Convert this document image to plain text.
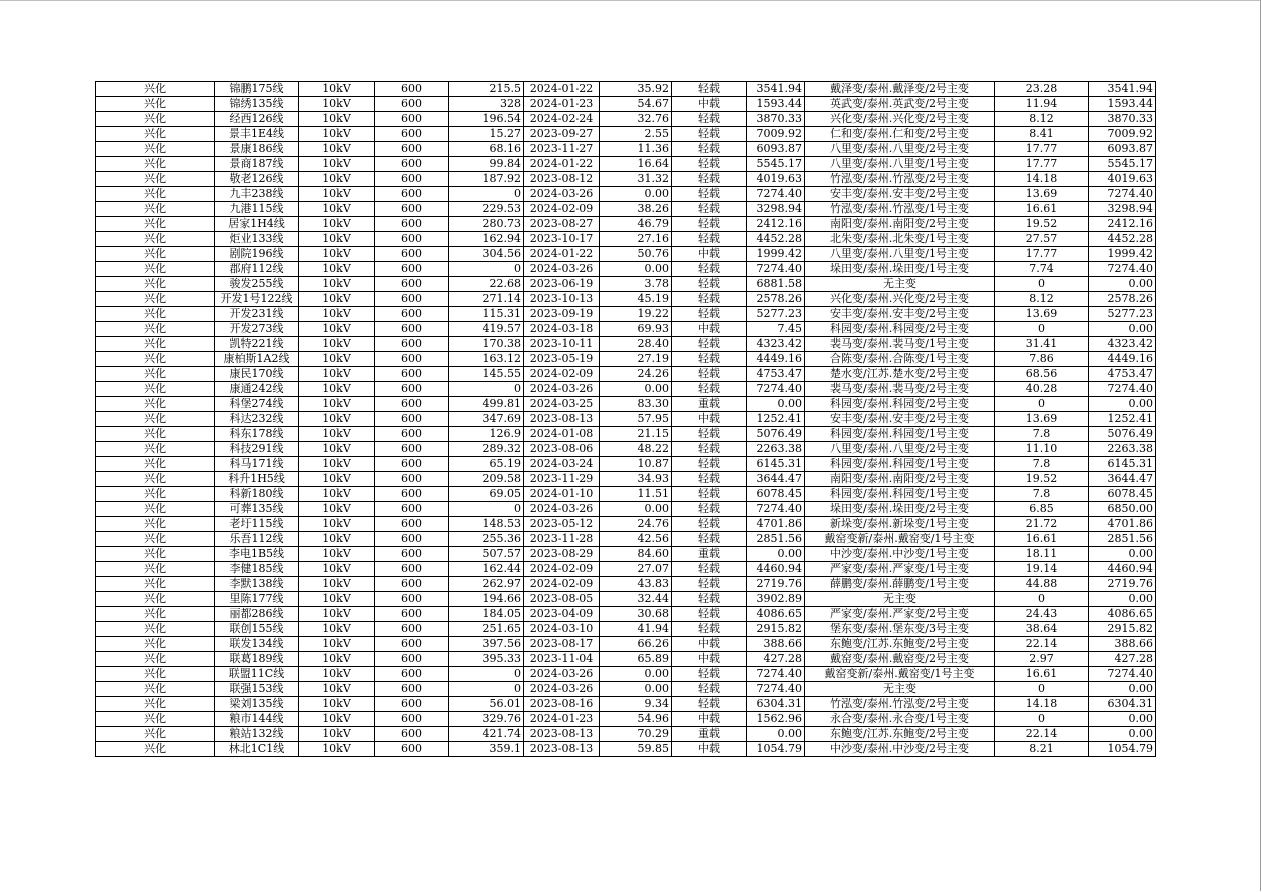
兴化	锦鹏175线	10kV	600	215.5	2024-01-22	35.92	轻载	3541.94	戴泽变/泰州.戴泽变/2号主变	23.28	3541.94
兴化	锦绣135线	10kV	600	328	2024-01-23	54.67	中载	1593.44	英武变/泰州.英武变/2号主变	11.94	1593.44
兴化	经西126线	10kV	600	196.54	2024-02-24	32.76	轻载	3870.33	兴化变/泰州.兴化变/2号主变	8.12	3870.33
兴化	景丰1E4线	10kV	600	15.27	2023-09-27	2.55	轻载	7009.92	仁和变/泰州.仁和变/2号主变	8.41	7009.92
兴化	景康186线	10kV	600	68.16	2023-11-27	11.36	轻载	6093.87	八里变/泰州.八里变/2号主变	17.77	6093.87
兴化	景商187线	10kV	600	99.84	2024-01-22	16.64	轻载	5545.17	八里变/泰州.八里变/1号主变	17.77	5545.17
兴化	敬老126线	10kV	600	187.92	2023-08-12	31.32	轻载	4019.63	竹泓变/泰州.竹泓变/2号主变	14.18	4019.63
兴化	九丰238线	10kV	600	0	2024-03-26	0.00	轻载	7274.40	安丰变/泰州.安丰变/2号主变	13.69	7274.40
兴化	九港115线	10kV	600	229.53	2024-02-09	38.26	轻载	3298.94	竹泓变/泰州.竹泓变/1号主变	16.61	3298.94
兴化	居家1H4线	10kV	600	280.73	2023-08-27	46.79	轻载	2412.16	南阳变/泰州.南阳变/2号主变	19.52	2412.16
兴化	炬业133线	10kV	600	162.94	2023-10-17	27.16	轻载	4452.28	北朱变/泰州.北朱变/1号主变	27.57	4452.28
兴化	剧院196线	10kV	600	304.56	2024-01-22	50.76	中载	1999.42	八里变/泰州.八里变/1号主变	17.77	1999.42
兴化	郡府112线	10kV	600	0	2024-03-26	0.00	轻载	7274.40	垛田变/泰州.垛田变/1号主变	7.74	7274.40
兴化	骏发255线	10kV	600	22.68	2023-06-19	3.78	轻载	6881.58	无主变	0	0.00
兴化	开发1号122线	10kV	600	271.14	2023-10-13	45.19	轻载	2578.26	兴化变/泰州.兴化变/2号主变	8.12	2578.26
兴化	开发231线	10kV	600	115.31	2023-09-19	19.22	轻载	5277.23	安丰变/泰州.安丰变/2号主变	13.69	5277.23
兴化	开发273线	10kV	600	419.57	2024-03-18	69.93	中载	7.45	科园变/泰州.科园变/2号主变	0	0.00
兴化	凯特221线	10kV	600	170.38	2023-10-11	28.40	轻载	4323.42	裴马变/泰州.裴马变/1号主变	31.41	4323.42
兴化	康柏斯1A2线	10kV	600	163.12	2023-05-19	27.19	轻载	4449.16	合陈变/泰州.合陈变/1号主变	7.86	4449.16
兴化	康民170线	10kV	600	145.55	2024-02-09	24.26	轻载	4753.47	楚水变/江苏.楚水变/2号主变	68.56	4753.47
兴化	康通242线	10kV	600	0	2024-03-26	0.00	轻载	7274.40	裴马变/泰州.裴马变/2号主变	40.28	7274.40
兴化	科堡274线	10kV	600	499.81	2024-03-25	83.30	重载	0.00	科园变/泰州.科园变/2号主变	0	0.00
兴化	科达232线	10kV	600	347.69	2023-08-13	57.95	中载	1252.41	安丰变/泰州.安丰变/2号主变	13.69	1252.41
兴化	科东178线	10kV	600	126.9	2024-01-08	21.15	轻载	5076.49	科园变/泰州.科园变/1号主变	7.8	5076.49
兴化	科技291线	10kV	600	289.32	2023-08-06	48.22	轻载	2263.38	八里变/泰州.八里变/2号主变	11.10	2263.38
兴化	科马171线	10kV	600	65.19	2024-03-24	10.87	轻载	6145.31	科园变/泰州.科园变/1号主变	7.8	6145.31
兴化	科升1H5线	10kV	600	209.58	2023-11-29	34.93	轻载	3644.47	南阳变/泰州.南阳变/2号主变	19.52	3644.47
兴化	科新180线	10kV	600	69.05	2024-01-10	11.51	轻载	6078.45	科园变/泰州.科园变/1号主变	7.8	6078.45
兴化	可葬135线	10kV	600	0	2024-03-26	0.00	轻载	7274.40	垛田变/泰州.垛田变/2号主变	6.85	6850.00
兴化	老圩115线	10kV	600	148.53	2023-05-12	24.76	轻载	4701.86	新垛变/泰州.新垛变/1号主变	21.72	4701.86
兴化	乐吾112线	10kV	600	255.36	2023-11-28	42.56	轻载	2851.56	戴窑变新/泰州.戴窑变/1号主变	16.61	2851.56
兴化	李电1B5线	10kV	600	507.57	2023-08-29	84.60	重载	0.00	中沙变/泰州.中沙变/1号主变	18.11	0.00
兴化	李健185线	10kV	600	162.44	2024-02-09	27.07	轻载	4460.94	严家变/泰州.严家变/1号主变	19.14	4460.94
兴化	李默138线	10kV	600	262.97	2024-02-09	43.83	轻载	2719.76	薛鹏变/泰州.薛鹏变/1号主变	44.88	2719.76
兴化	里陈177线	10kV	600	194.66	2023-08-05	32.44	轻载	3902.89	无主变	0	0.00
兴化	丽都286线	10kV	600	184.05	2023-04-09	30.68	轻载	4086.65	严家变/泰州.严家变/2号主变	24.43	4086.65
兴化	联创155线	10kV	600	251.65	2024-03-10	41.94	轻载	2915.82	堡东变/泰州.堡东变/3号主变	38.64	2915.82
兴化	联发134线	10kV	600	397.56	2023-08-17	66.26	中载	388.66	东鲍变/江苏.东鲍变/2号主变	22.14	388.66
兴化	联葛189线	10kV	600	395.33	2023-11-04	65.89	中载	427.28	戴窑变/泰州.戴窑变/2号主变	2.97	427.28
兴化	联盟11C线	10kV	600	0	2024-03-26	0.00	轻载	7274.40	戴窑变新/泰州.戴窑变/1号主变	16.61	7274.40
兴化	联强153线	10kV	600	0	2024-03-26	0.00	轻载	7274.40	无主变	0	0.00
兴化	梁刘135线	10kV	600	56.01	2023-08-16	9.34	轻载	6304.31	竹泓变/泰州.竹泓变/2号主变	14.18	6304.31
兴化	粮市144线	10kV	600	329.76	2024-01-23	54.96	中载	1562.96	永合变/泰州.永合变/1号主变	0	0.00
兴化	粮站132线	10kV	600	421.74	2023-08-13	70.29	重载	0.00	东鲍变/江苏.东鲍变/2号主变	22.14	0.00
兴化	林北1C1线	10kV	600	359.1	2023-08-13	59.85	中载	1054.79	中沙变/泰州.中沙变/2号主变	8.21	1054.79
